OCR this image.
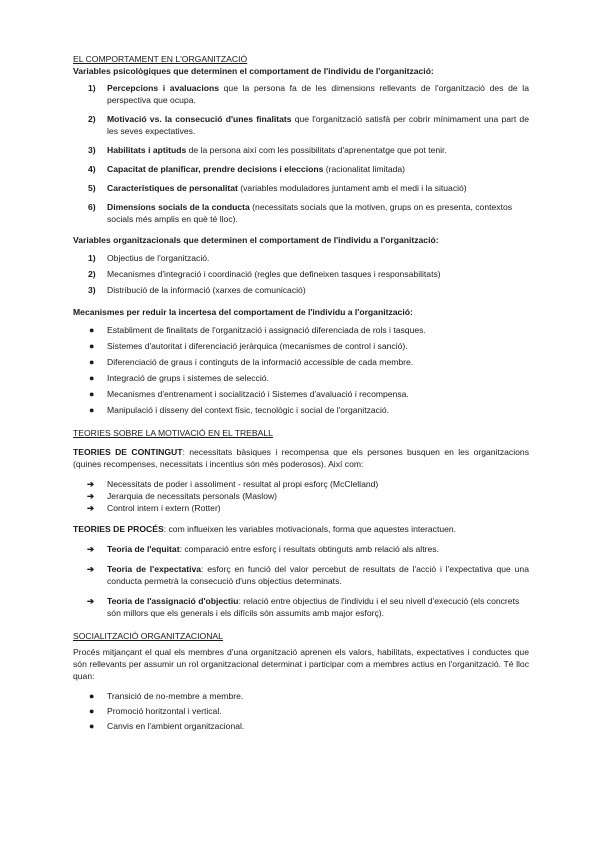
EL COMPORTAMENT EN L'ORGANITZACIÓ

Variables psicològiques que determinen el comportament de l'individu de l'organització:

1) Percepcions i avaluacions que la persona fa de les dimensions rellevants de l'organització des de la perspectiva que ocupa.

2) Motivació vs. la consecució d'unes finalitats que l'organització satisfà per cobrir mínimament una part de les seves expectatives.

3) Habilitats i aptituds de la persona així com les possibilitats d'aprenentatge que pot tenir.

4) Capacitat de planificar, prendre decisions i eleccions (racionalitat limitada)

5) Característiques de personalitat (variables moduladores juntament amb el medi i la situació)

6) Dimensions socials de la conducta (necessitats socials que la motiven, grups on es presenta, contextos socials més amplis en què té lloc).

Variables organitzacionals que determinen el comportament de l'individu a l'organització:

1) Objectius de l'organització.
2) Mecanismes d'integració i coordinació (regles que defineixen tasques i responsabilitats)
3) Distribució de la informació (xarxes de comunicació)

Mecanismes per reduir la incertesa del comportament de l'individu a l'organització:

● Establiment de finalitats de l'organització i assignació diferenciada de rols i tasques.
● Sistemes d'autoritat i diferenciació jeràrquica (mecanismes de control i sanció).
● Diferenciació de graus i continguts de la informació accessible de cada membre.
● Integració de grups i sistemes de selecció.
● Mecanismes d'entrenament i socialització i Sistemes d'avaluació i recompensa.
● Manipulació i disseny del context físic, tecnològic i social de l'organització.
TEORIES SOBRE LA MOTIVACIÓ EN EL TREBALL

TEORIES DE CONTINGUT: necessitats bàsiques i recompensa que els persones busquen en les organitzacions (quines recompenses, necessitats i incentius són més poderosos). Així com:

➔ Necessitats de poder i assoliment - resultat al propi esforç (McClelland)
➔ Jerarquia de necessitats personals (Maslow)
➔ Control intern i extern (Rotter)

TEORIES DE PROCÉS: com influeixen les variables motivacionals, forma que aquestes interactuen.

➔ Teoria de l'equitat: comparació entre esforç i resultats obtinguts amb relació als altres.

➔ Teoria de l'expectativa: esforç en funció del valor percebut de resultats de l'acció i l'expectativa que una conducta permetrà la consecució d'uns objectius determinats.

➔ Teoria de l'assignació d'objectiu: relació entre objectius de l'individu i el seu nivell d'execució (els concrets són millors que els generals i els difícils són assumits amb major esforç).

SOCIALITZACIÓ ORGANITZACIONAL

Procés mitjançant el qual els membres d'una organització aprenen els valors, habilitats, expectatives i conductes que són rellevants per assumir un rol organitzacional determinat i participar com a membres actius en l'organització. Té lloc quan:

● Transició de no-membre a membre.
● Promoció horitzontal i vertical.
● Canvis en l'ambient organitzacional.
